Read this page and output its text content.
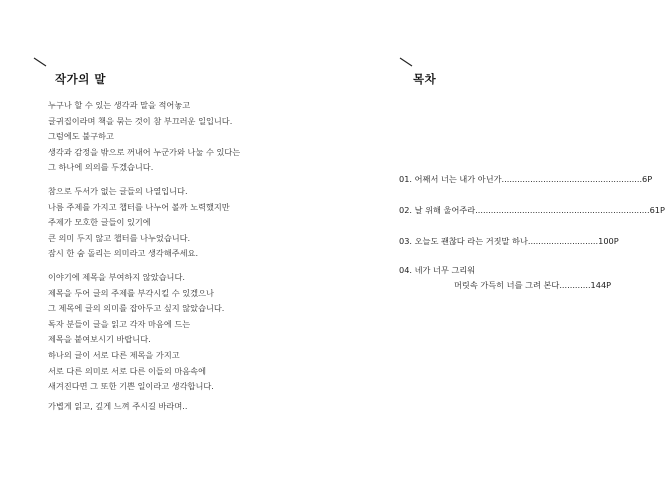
작가의 말
누구나 할 수 있는 생각과 말을 적어놓고
글귀집이라며 책을 묶는 것이 참 부끄러운 일입니다.
그럼에도 불구하고
생각과 감정을 밖으로 꺼내어 누군가와 나눌 수 있다는
그 하나에 의의를 두겠습니다.
참으로 두서가 없는 글들의 나열입니다.
나름 주제를 가지고 챕터를 나누어 볼까 노력했지만
주제가 모호한 글들이 있기에
큰 의미 두지 않고 챕터를 나누었습니다.
잠시 한 숨 돌리는 의미라고 생각해주세요.
이야기에 제목을 부여하지 않았습니다.
제목을 두어 글의 주제를 부각시킬 수 있겠으나
그 제목에 글의 의미를 잡아두고 싶지 않았습니다.
독자 분들이 글을 읽고 각자 마음에 드는
제목을 붙여보시기 바랍니다.
하나의 글이 서로 다른 제목을 가지고
서로 다른 의미로 서로 다른 이들의 마음속에
새겨진다면 그 또한 기쁜 일이라고 생각합니다.
가볍게 읽고, 깊게 느껴 주시길 바라며..
목차
01. 어째서 너는 내가 아닌가......................................................6P
02. 날 위해 울어주라...................................................................61P
03. 오늘도 괜찮다 라는 거짓말 하나...........................100P
04. 네가 너무 그리워
머릿속 가득히 너를 그려 본다............144P
